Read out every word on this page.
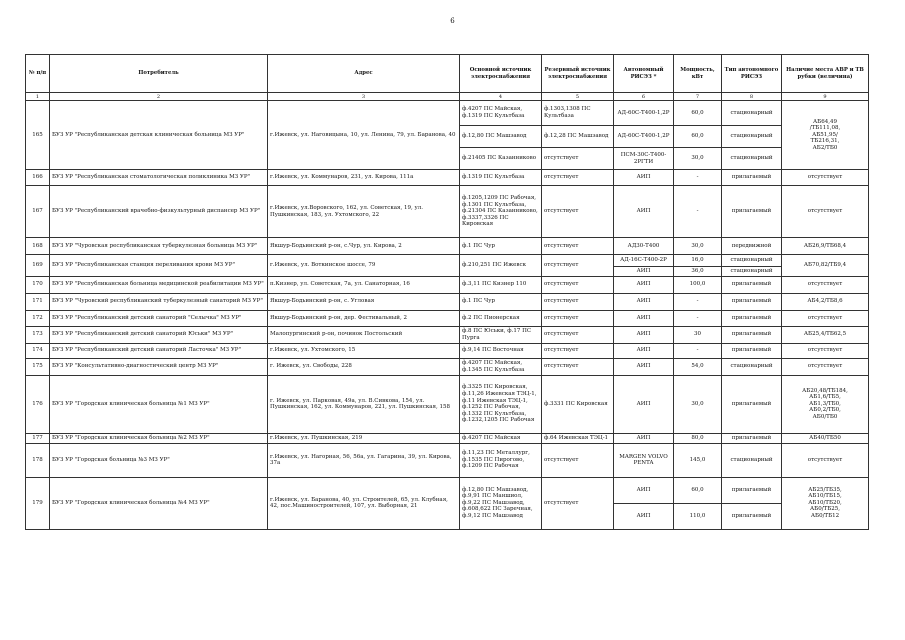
6
№ п/п	Потребитель	Адрес	Основной источник электроснабжения	Резервный источник электроснабжения	Автономный РИСЭЗ *	Мощность, кВт	Тип автономного РИСЭЗ	Наличие места АВР и ТВ рубки (величина)
1	2	3	4	5	6	7	8	9
165	БУЗ УР "Республиканская детская клиническая больница МЗ УР"	г.Ижевск, ул. Наговицына, 10, ул. Ленина, 79, ул. Баранова, 40	ф.4207 ПС Майская, ф.1319 ПС Культбаза	ф.1303,1308 ПС Культбаза	АД-60С-Т400-1,2Р	60,0	стационарный	АБ64,49
/ТБ111,08,
АБ51,95/
ТБ216,31,
АБ2/ТБ0
			ф.12,80 ПС Машзавод	ф.12,28 ПС Машзавод	АД-60С-Т400-1,2Р	60,0	стационарный	
			ф.21405 ПС Казанниково	отсутствует	ПСМ-30С-Т400-2РГТИ	30,0	стационарный	
166	БУЗ УР "Республиканская стоматологическая поликлиника МЗ УР"	г.Ижевск, ул. Коммунаров, 231, ул. Кирова, 111а	ф.1319 ПС Культбаза	отсутствует	АИП	-	прилагаемый	отсутствует
167	БУЗ УР "Республиканский врачебно-физкультурный диспансер МЗ УР"	г.Ижевск, ул.Воровского, 162, ул. Советская, 19, ул. Пушкинская, 183, ул. Ухтомского, 22	ф.1205,1209 ПС Рабочая, ф.1301 ПС Культбаза, ф.21304 ПС Казанниково, ф.3337,3326 ПС Кировская	отсутствует	АИП	-	прилагаемый	отсутствует
168	БУЗ УР "Чуровская республиканская туберкулезная больница МЗ УР"	Якшур-Бодьинский р-он, с.Чур, ул. Кирова, 2	ф.1 ПС Чур	отсутствует	АД30-Т400	30,0	передвижной	АБ26,9/ТБ68,4
169	БУЗ УР "Республиканская станция переливания крови МЗ УР"	г.Ижевск, ул. Воткинское шоссе, 79	ф.210,251 ПС Ижевск	отсутствует	АД-16С-Т400-2Р	16,0	стационарный	АБ70,82/ТБ9,4
					АИП	36,0	стационарный	
170	БУЗ УР "Республиканская больница медицинской реабилитации МЗ УР"	п.Кизнер, ул. Советская, 7а, ул. Санаторная, 16	ф.3,11 ПС Кизнер 110	отсутствует	АИП	100,0	прилагаемый	отсутствует
171	БУЗ УР "Чуровский республиканский туберкулезный санаторий МЗ УР"	Якшур-Бодьинский р-он, с. Угловая	ф.1 ПС Чур	отсутствует	АИП	-	прилагаемый	АБ4,2/ТБ8,6
172	БУЗ УР "Республиканский детский санаторий "Селычка" МЗ УР"	Якшур-Бодьинский р-он, дер. Фестивальный, 2	ф.2 ПС Пионерская	отсутствует	АИП	-	прилагаемый	отсутствует
173	БУЗ УР "Республиканский детский санаторий Юськи" МЗ УР"	Малопургинский р-он, починок Постольский	ф.8 ПС Юськи, ф.17 ПС Пурга	отсутствует	АИП	30	прилагаемый	АБ25,4/ТБ62,5
174	БУЗ УР "Республиканский детский санаторий Ласточка" МЗ УР"	г.Ижевск, ул. Ухтомского, 15	ф.9,14 ПС Восточная	отсутствует	АИП	-	прилагаемый	отсутствует
175	БУЗ УР "Консультативно-диагностический центр МЗ УР"	г. Ижевск, ул. Свободы, 228	ф.4207 ПС Майская, ф.1345 ПС Культбаза	отсутствует	АИП	54,0	стационарный	отсутствует
176	БУЗ УР "Городская клиническая больница №1 МЗ УР"	г. Ижевск, ул. Парковая, 49а, ул. В.Сивкова, 154, ул. Пушкинская, 162, ул. Коммунаров, 221, ул. Пушкинская, 158	ф.3325 ПС Кировская, ф.11,26 Ижевская ТЭЦ-1, ф.11 Ижевская ТЭЦ-1, ф.1252 ПС Рабочая, ф.1332 ПС Культбаза, ф.1232,1205 ПС Рабочая	ф.3331 ПС Кировская	АИП	30,0	прилагаемый	АБ20,48/ТБ184,
АБ1,6/ТБ5,
АБ1,3/ТБ0,
АБ0,2/ТБ0,
АБ0/ТБ0
177	БУЗ УР "Городская клиническая больница №2 МЗ УР"	г.Ижевск, ул. Пушкинская, 219	ф.4207 ПС Майская	ф.64 Ижевская ТЭЦ-1	АИП	80,0	прилагаемый	АБ40/ТБ50
178	БУЗ УР "Городская больница №3 МЗ УР"	г.Ижевск, ул. Нагорная, 56, 56а, ул. Гагарина, 39, ул. Кирова, 37а	ф.11,23 ПС Металлург, ф.1535 ПС Пирогово, ф.1209 ПС Рабочая	отсутствует	MARGEN VOLVO PENTA	145,0	стационарный	отсутствует
179	БУЗ УР "Городская клиническая больница №4 МЗ УР"	г.Ижевск, ул. Баранова, 40, ул. Строителей, 65, ул. Клубная, 42, пос.Машиностроителей, 107, ул. Выборная, 21	ф.12,80 ПС Машзавод, ф.9,91 ПС Маншиол, ф.9,22 ПС Машзавод, ф.608,622 ПС Заречная, ф.9,12 ПС Машзавод	отсутствует	АИП	60,0	прилагаемый	АБ25/ТБ35,
АБ10/ТБ15,
АБ10/ТБ20,
АБ0/ТБ25,
АБ0/ТБ12
					АИП	110,0	прилагаемый	
